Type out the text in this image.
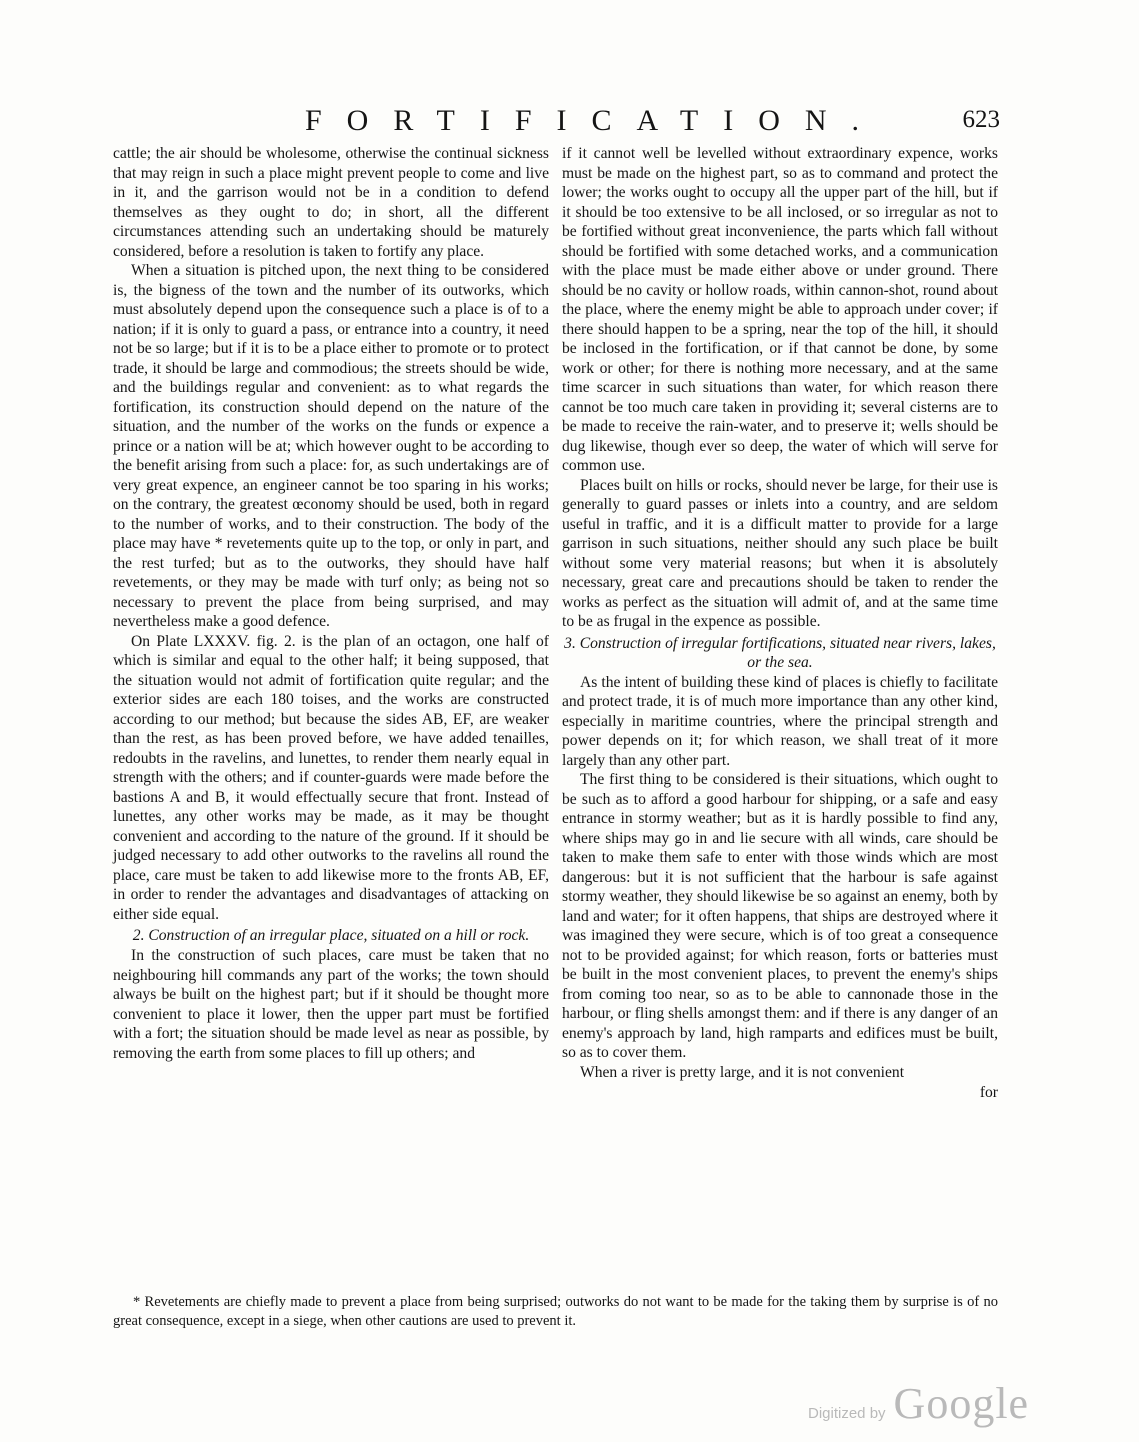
FORTIFICATION.	623

cattle; the air should be wholesome, otherwise the continual sickness that may reign in such a place might prevent people to come and live in it, and the garrison would not be in a condition to defend themselves as they ought to do; in short, all the different circumstances attending such an undertaking should be maturely considered, before a resolution is taken to fortify any place.

When a situation is pitched upon, the next thing to be considered is, the bigness of the town and the number of its outworks, which must absolutely depend upon the consequence such a place is of to a nation; if it is only to guard a pass, or entrance into a country, it need not be so large; but if it is to be a place either to promote or to protect trade, it should be large and commodious; the streets should be wide, and the buildings regular and convenient: as to what regards the fortification, its construction should depend on the nature of the situation, and the number of the works on the funds or expence a prince or a nation will be at; which however ought to be according to the benefit arising from such a place: for, as such undertakings are of very great expence, an engineer cannot be too sparing in his works; on the contrary, the greatest œconomy should be used, both in regard to the number of works, and to their construction. The body of the place may have * revetements quite up to the top, or only in part, and the rest turfed; but as to the outworks, they should have half revetements, or they may be made with turf only; as being not so necessary to prevent the place from being surprised, and may nevertheless make a good defence.

On Plate LXXXV. fig. 2. is the plan of an octagon, one half of which is similar and equal to the other half; it being supposed, that the situation would not admit of fortification quite regular; and the exterior sides are each 180 toises, and the works are constructed according to our method; but because the sides AB, EF, are weaker than the rest, as has been proved before, we have added tenailles, redoubts in the ravelins, and lunettes, to render them nearly equal in strength with the others; and if counter-guards were made before the bastions A and B, it would effectually secure that front. Instead of lunettes, any other works may be made, as it may be thought convenient and according to the nature of the ground. If it should be judged necessary to add other outworks to the ravelins all round the place, care must be taken to add likewise more to the fronts AB, EF, in order to render the advantages and disadvantages of attacking on either side equal.

2. Construction of an irregular place, situated on a hill or rock.

In the construction of such places, care must be taken that no neighbouring hill commands any part of the works; the town should always be built on the highest part; but if it should be thought more convenient to place it lower, then the upper part must be fortified with a fort; the situation should be made level as near as possible, by removing the earth from some places to fill up others; and

if it cannot well be levelled without extraordinary expence, works must be made on the highest part, so as to command and protect the lower; the works ought to occupy all the upper part of the hill, but if it should be too extensive to be all inclosed, or so irregular as not to be fortified without great inconvenience, the parts which fall without should be fortified with some detached works, and a communication with the place must be made either above or under ground. There should be no cavity or hollow roads, within cannon-shot, round about the place, where the enemy might be able to approach under cover; if there should happen to be a spring, near the top of the hill, it should be inclosed in the fortification, or if that cannot be done, by some work or other; for there is nothing more necessary, and at the same time scarcer in such situations than water, for which reason there cannot be too much care taken in providing it; several cisterns are to be made to receive the rain-water, and to preserve it; wells should be dug likewise, though ever so deep, the water of which will serve for common use.

Places built on hills or rocks, should never be large, for their use is generally to guard passes or inlets into a country, and are seldom useful in traffic, and it is a difficult matter to provide for a large garrison in such situations, neither should any such place be built without some very material reasons; but when it is absolutely necessary, great care and precautions should be taken to render the works as perfect as the situation will admit of, and at the same time to be as frugal in the expence as possible.

3. Construction of irregular fortifications, situated near rivers, lakes, or the sea.

As the intent of building these kind of places is chiefly to facilitate and protect trade, it is of much more importance than any other kind, especially in maritime countries, where the principal strength and power depends on it; for which reason, we shall treat of it more largely than any other part.

The first thing to be considered is their situations, which ought to be such as to afford a good harbour for shipping, or a safe and easy entrance in stormy weather; but as it is hardly possible to find any, where ships may go in and lie secure with all winds, care should be taken to make them safe to enter with those winds which are most dangerous: but it is not sufficient that the harbour is safe against stormy weather, they should likewise be so against an enemy, both by land and water; for it often happens, that ships are destroyed where it was imagined they were secure, which is of too great a consequence not to be provided against; for which reason, forts or batteries must be built in the most convenient places, to prevent the enemy's ships from coming too near, so as to be able to cannonade those in the harbour, or fling shells amongst them: and if there is any danger of an enemy's approach by land, high ramparts and edifices must be built, so as to cover them.

When a river is pretty large, and it is not convenient

for

* Revetements are chiefly made to prevent a place from being surprised; outworks do not want to be made for the taking them by surprise is of no great consequence, except in a siege, when other cautions are used to prevent it.

Digitized by Google
